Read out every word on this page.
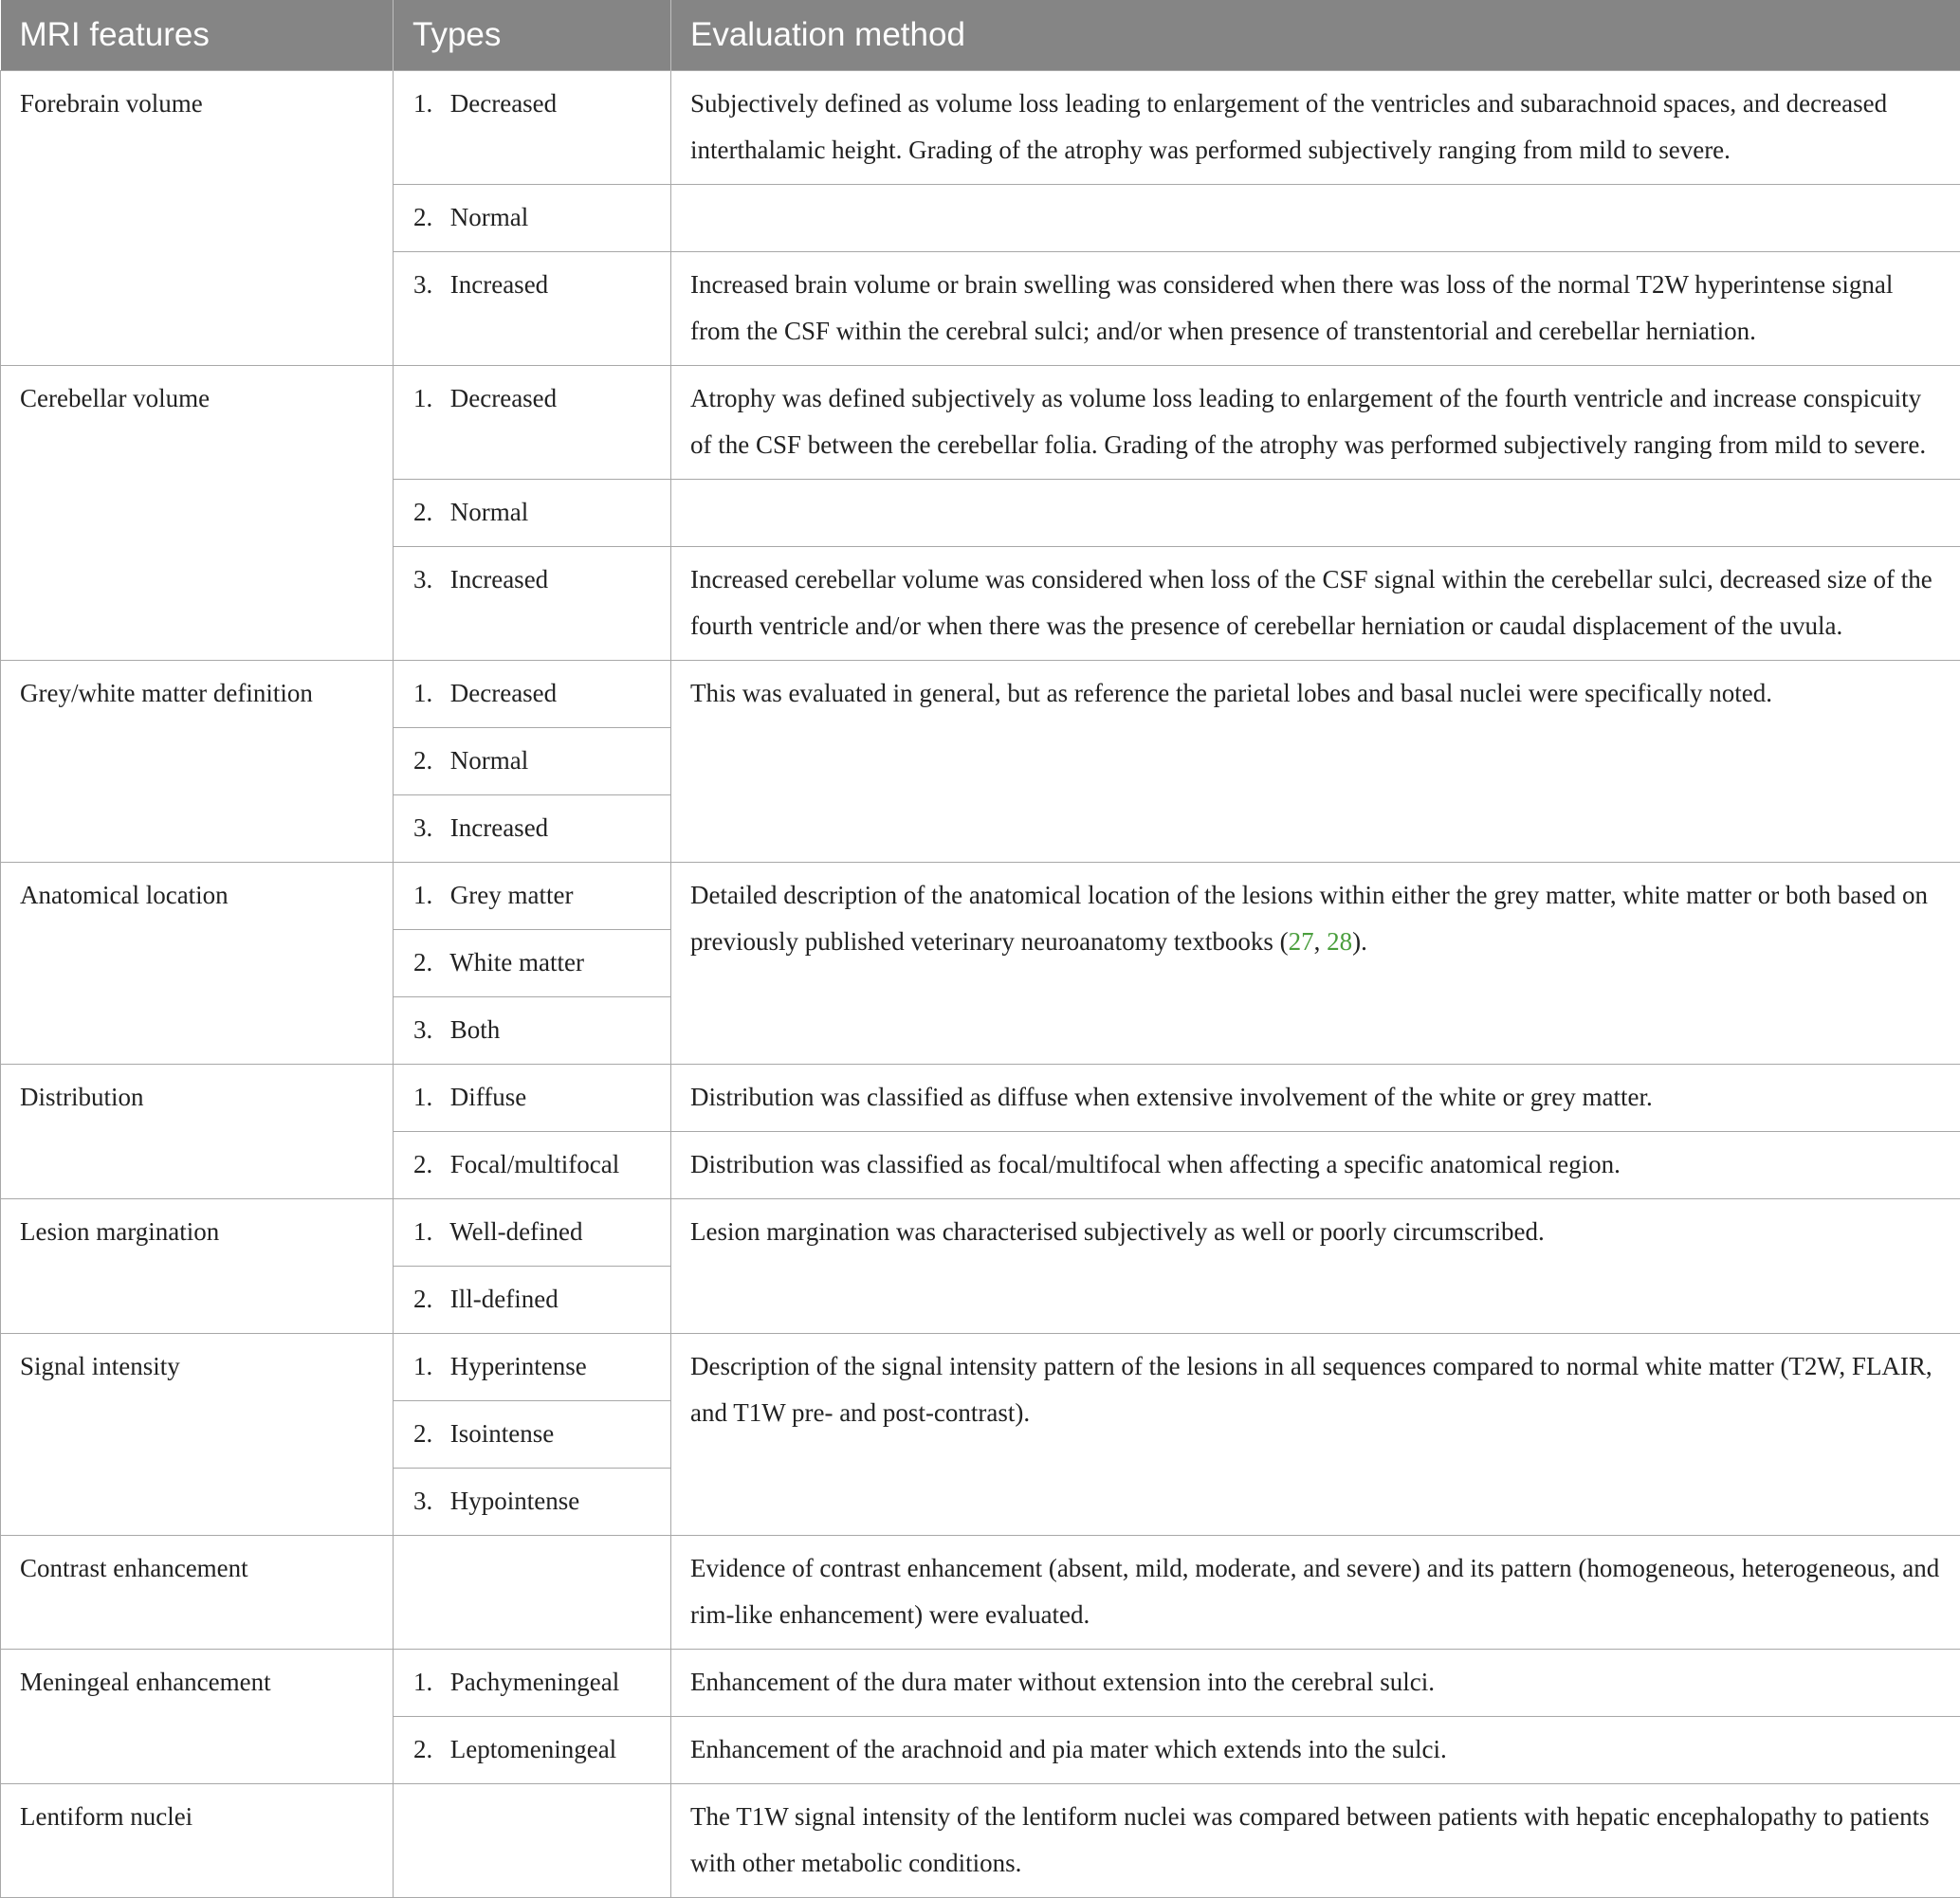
MRI features	Types	Evaluation method
Forebrain volume	1. Decreased	Subjectively defined as volume loss leading to enlargement of the ventricles and subarachnoid spaces, and decreased interthalamic height. Grading of the atrophy was performed subjectively ranging from mild to severe.
	2. Normal	
	3. Increased	Increased brain volume or brain swelling was considered when there was loss of the normal T2W hyperintense signal from the CSF within the cerebral sulci; and/or when presence of transtentorial and cerebellar herniation.
Cerebellar volume	1. Decreased	Atrophy was defined subjectively as volume loss leading to enlargement of the fourth ventricle and increase conspicuity of the CSF between the cerebellar folia. Grading of the atrophy was performed subjectively ranging from mild to severe.
	2. Normal	
	3. Increased	Increased cerebellar volume was considered when loss of the CSF signal within the cerebellar sulci, decreased size of the fourth ventricle and/or when there was the presence of cerebellar herniation or caudal displacement of the uvula.
Grey/white matter definition	1. Decreased	This was evaluated in general, but as reference the parietal lobes and basal nuclei were specifically noted.
	2. Normal	
	3. Increased	
Anatomical location	1. Grey matter	Detailed description of the anatomical location of the lesions within either the grey matter, white matter or both based on previously published veterinary neuroanatomy textbooks (27, 28).
	2. White matter	
	3. Both	
Distribution	1. Diffuse	Distribution was classified as diffuse when extensive involvement of the white or grey matter.
	2. Focal/multifocal	Distribution was classified as focal/multifocal when affecting a specific anatomical region.
Lesion margination	1. Well-defined	Lesion margination was characterised subjectively as well or poorly circumscribed.
	2. Ill-defined	
Signal intensity	1. Hyperintense	Description of the signal intensity pattern of the lesions in all sequences compared to normal white matter (T2W, FLAIR, and T1W pre- and post-contrast).
	2. Isointense	
	3. Hypointense	
Contrast enhancement		Evidence of contrast enhancement (absent, mild, moderate, and severe) and its pattern (homogeneous, heterogeneous, and rim-like enhancement) were evaluated.
Meningeal enhancement	1. Pachymeningeal	Enhancement of the dura mater without extension into the cerebral sulci.
	2. Leptomeningeal	Enhancement of the arachnoid and pia mater which extends into the sulci.
Lentiform nuclei		The T1W signal intensity of the lentiform nuclei was compared between patients with hepatic encephalopathy to patients with other metabolic conditions.
